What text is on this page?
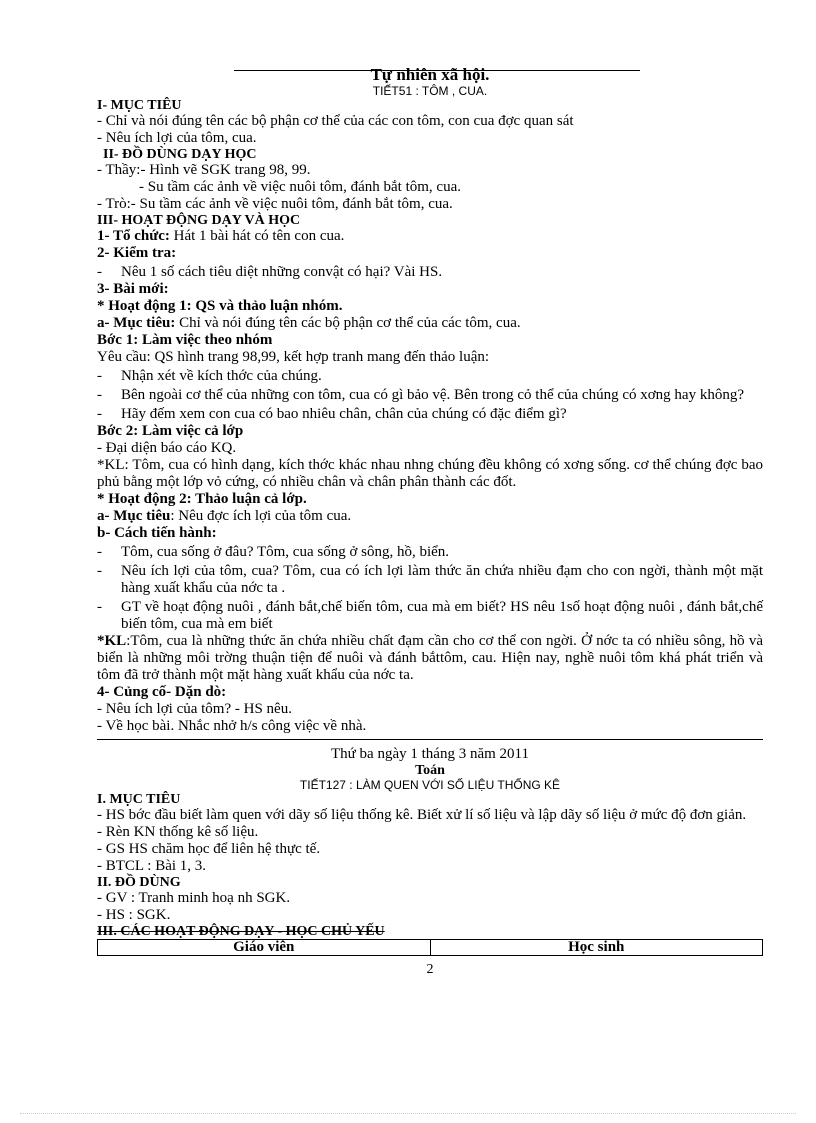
Tự nhiên xã hội.
TIẾT51 : TÔM , CUA.
I- MỤC TIÊU
- Chỉ và nói đúng tên các bộ phận cơ thể của các con tôm, con cua đợc quan sát
- Nêu ích lợi của tôm, cua.
II- ĐỒ DÙNG DẠY HỌC
- Thầy:- Hình vẽ SGK trang 98, 99.
- Su tầm các ảnh về việc nuôi tôm, đánh bắt tôm, cua.
- Trò:- Su tầm các ảnh về việc nuôi tôm, đánh bắt tôm, cua.
III- HOẠT ĐỘNG DẠY VÀ HỌC
1- Tổ chức: Hát 1 bài hát có tên con cua.
2- Kiểm tra:
-	Nêu 1 số cách tiêu diệt những convật có hại? Vài HS.
3- Bài mới:
* Hoạt động 1: QS và thảo luận nhóm.
a- Mục tiêu: Chỉ và nói đúng tên các bộ phận cơ thể của các tôm, cua.
Bớc 1: Làm việc theo nhóm
Yêu cầu: QS hình trang 98,99, kết hợp tranh mang đến thảo luận:
-	Nhận xét về kích thớc của chúng.
-	Bên ngoài cơ thể của những con tôm, cua có gì bảo vệ. Bên trong cỏ thể của chúng có xơng hay không?
-	Hãy đếm xem con cua có bao nhiêu chân, chân của chúng có đặc điểm gì?
Bớc 2: Làm việc cả lớp
- Đại diện báo cáo KQ.
*KL: Tôm, cua có hình dạng, kích thớc khác nhau nhng chúng đều không có xơng sống. cơ thể chúng đợc bao phủ bằng một lớp vỏ cứng, có nhiều chân và chân phân thành các đốt.
* Hoạt động 2: Thảo luận cả lớp.
a- Mục tiêu: Nêu đợc ích lợi của tôm cua.
b- Cách tiến hành:
-	Tôm, cua sống ở đâu? Tôm, cua sống ở sông, hồ, biển.
-	Nêu ích lợi của tôm, cua? Tôm, cua có ích lợi làm thức ăn chứa nhiều đạm cho con ngời, thành một mặt hàng xuất khẩu của nớc ta .
-	GT về hoạt động nuôi , đánh bắt,chế biến tôm, cua mà em biết? HS nêu 1số hoạt động nuôi , đánh bắt,chế biến tôm, cua mà em biết
*KL:Tôm, cua là những thức ăn chứa nhiều chất đạm cần cho cơ thể con ngời. Ở nớc ta có nhiều sông, hồ và biển là những môi trờng thuận tiện để nuôi và đánh bắttôm, cau. Hiện nay, nghề nuôi tôm khá phát triển và tôm đã trở thành một mặt hàng xuất khẩu của nớc ta.
4- Củng cố- Dặn dò:
- Nêu ích lợi của tôm? - HS nêu.
- Về học bài. Nhắc nhở h/s công việc về nhà.
Thứ ba ngày 1 tháng 3 năm 2011
Toán
TIẾT127 : LÀM QUEN VỚI SỐ LIỆU THỐNG KÊ
I. MỤC TIÊU
- HS bớc đầu biết làm quen với dãy số liệu thống kê. Biết xử lí số liệu và lập dãy số liệu ở mức độ đơn giản.
- Rèn KN thống kê số liệu.
- GS HS chăm học để liên hệ thực tế.
- BTCL : Bài 1, 3.
II. ĐỒ DÙNG
- GV : Tranh minh hoạ nh SGK.
- HS : SGK.
III. CÁC HOẠT ĐỘNG DẠY - HỌC CHỦ YẾU
Giáo viên	Học sinh
2
